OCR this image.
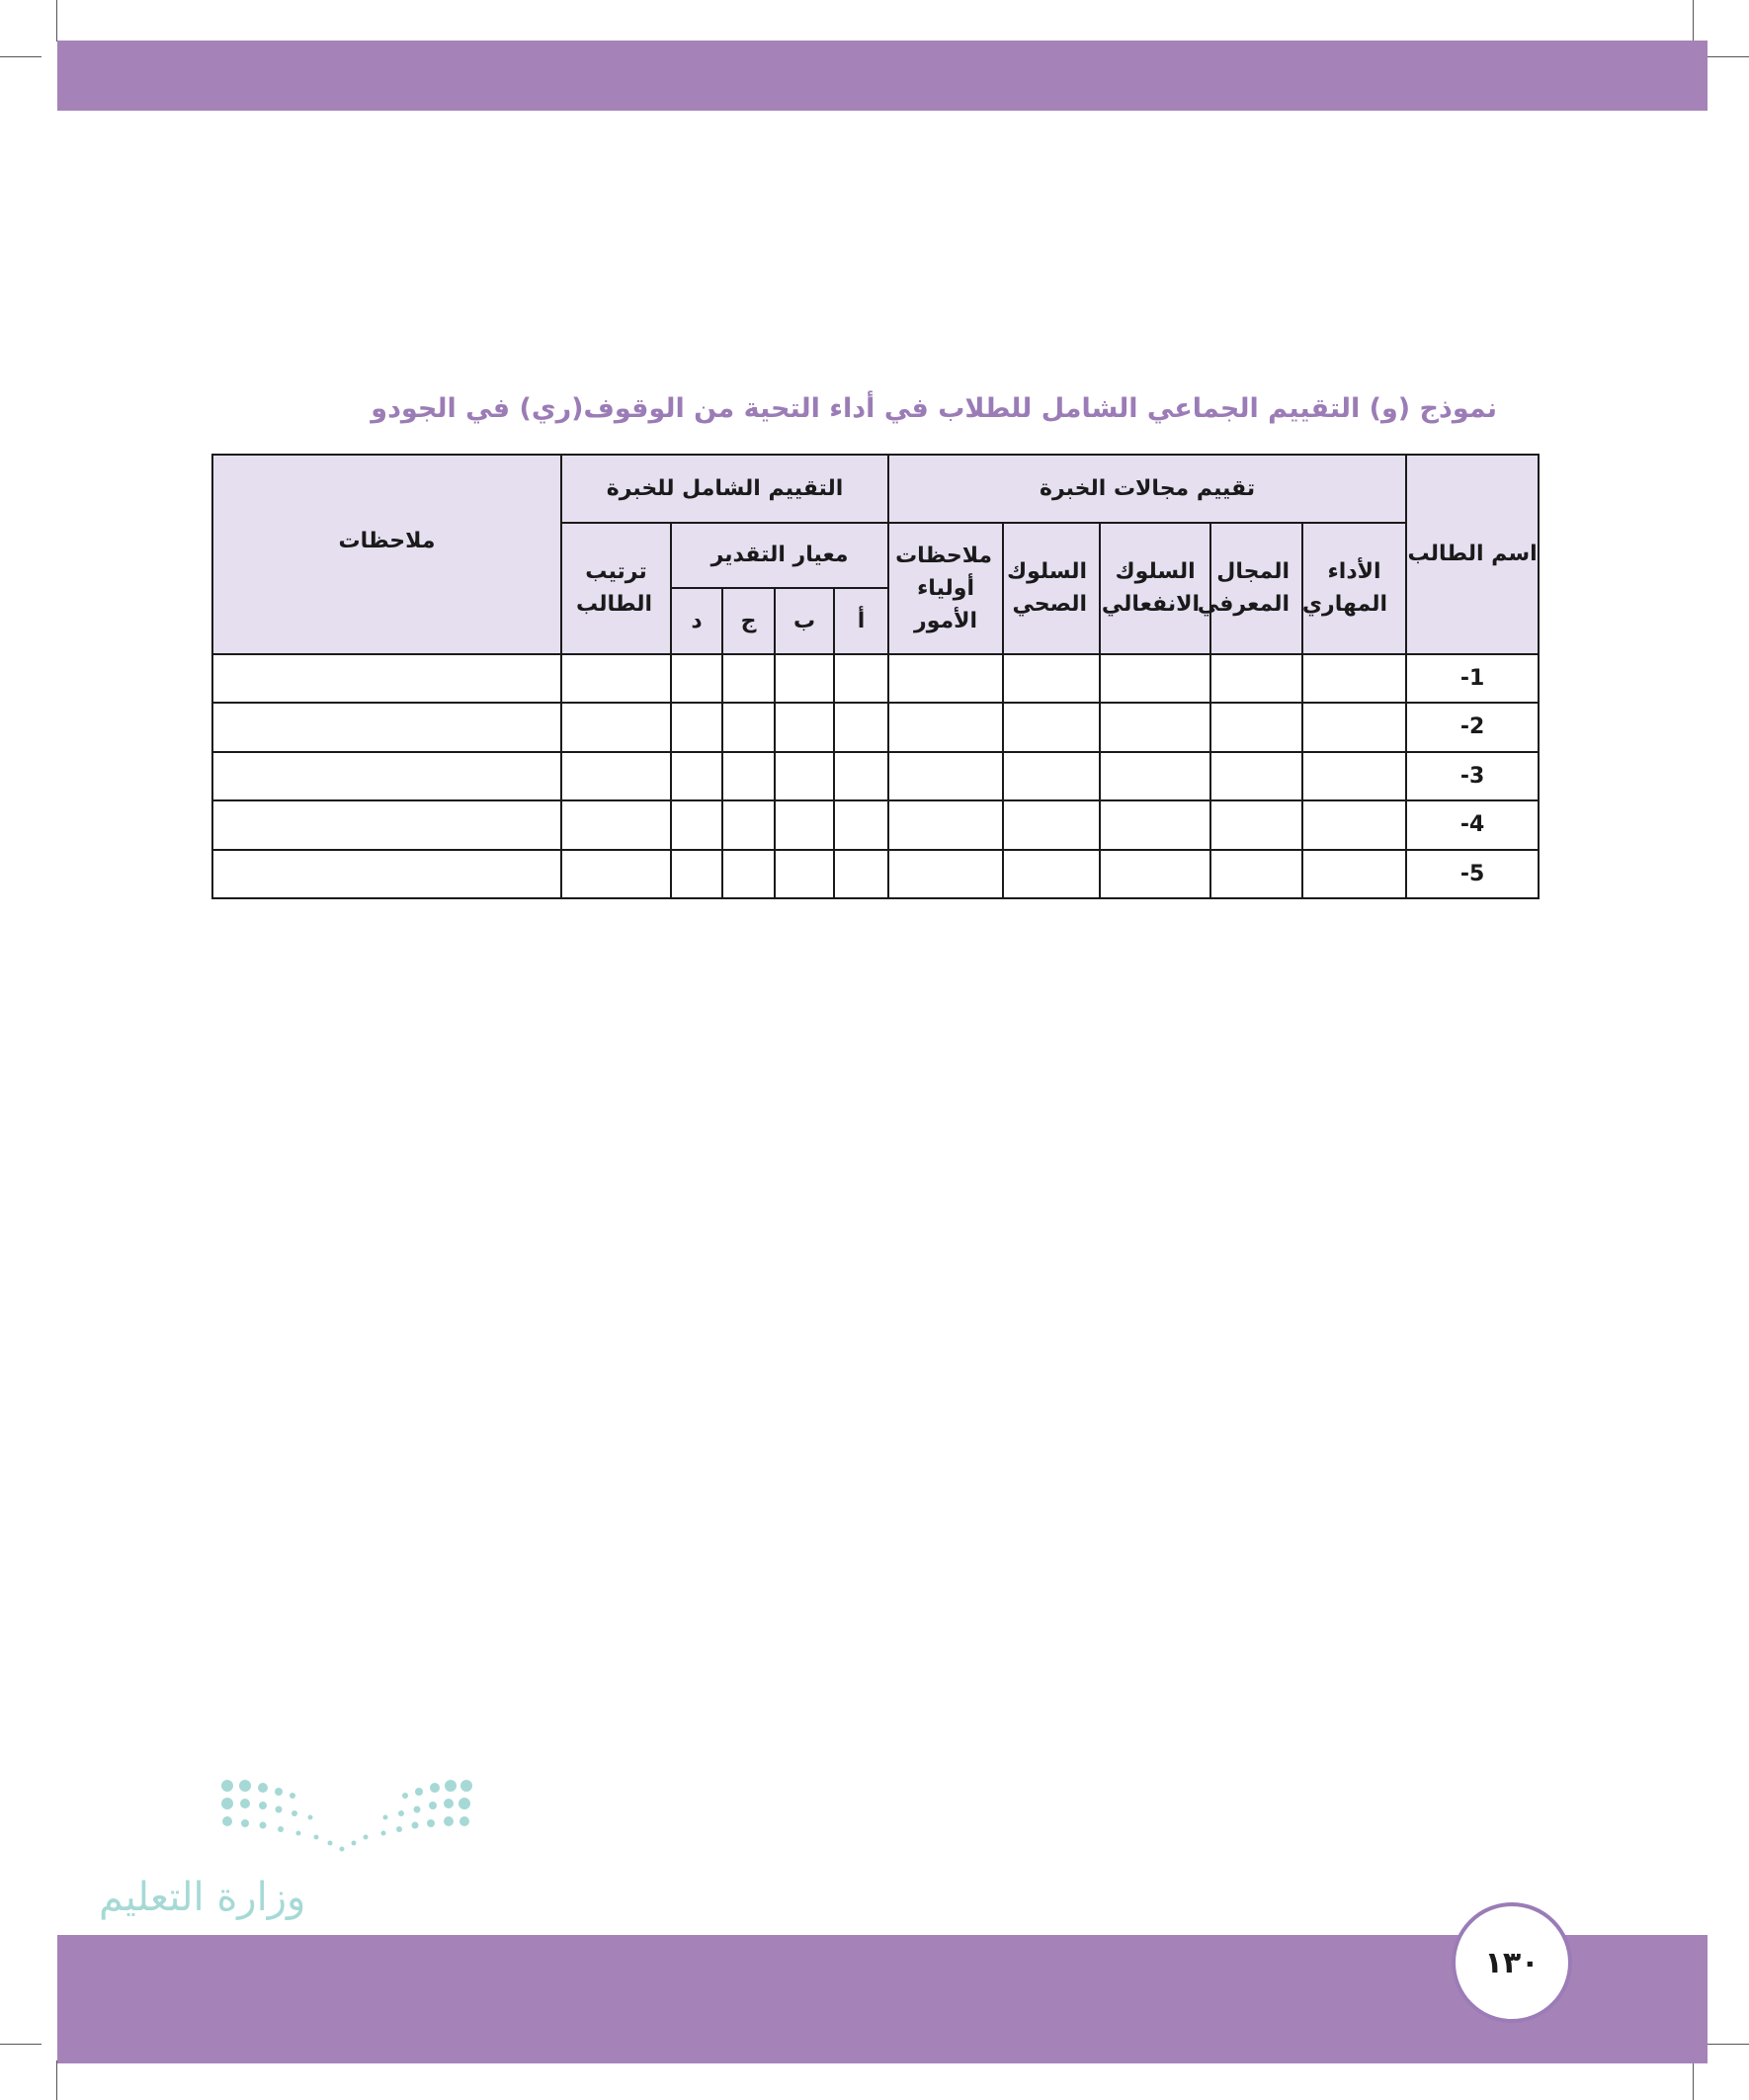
نموذج (و) التقييم الجماعي الشامل للطلاب في أداء التحية من الوقوف(ري) في الجودو
اسم الطالب	تقييم مجالات الخبرة					التقييم الشامل للخبرة					ملاحظات
	الأداء المهاري	المجال المعرفي	السلوك الانفعالي	السلوك الصحي	ملاحظات أولياء الأمور	معيار التقدير				ترتيب الطالب	
						أ	ب	ج	د		
-1											
-2											
-3											
-4											
-5											
وزارة التعليم
١٣٠
